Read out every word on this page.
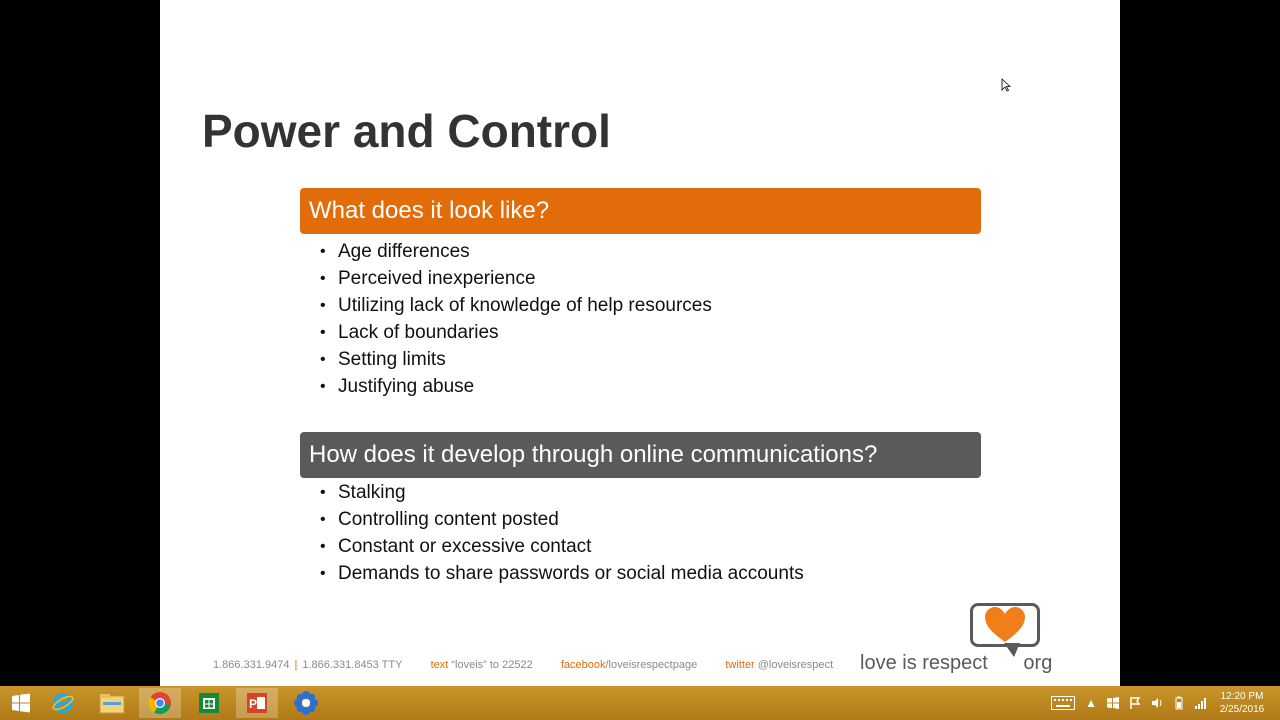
Power and Control
What does it look like?
• Age differences
• Perceived inexperience
• Utilizing lack of knowledge of help resources
• Lack of boundaries
• Setting limits
• Justifying abuse
How does it develop through online communications?
• Stalking
• Controlling content posted
• Constant or excessive contact
• Demands to share passwords or social media accounts
1.866.331.9474 | 1.866.331.8453 TTY	text “loveis” to 22522	facebook/loveisrespectpage	twitter @loveisrespect love is respect org
P	▲	12:20 PM
2/25/2016
